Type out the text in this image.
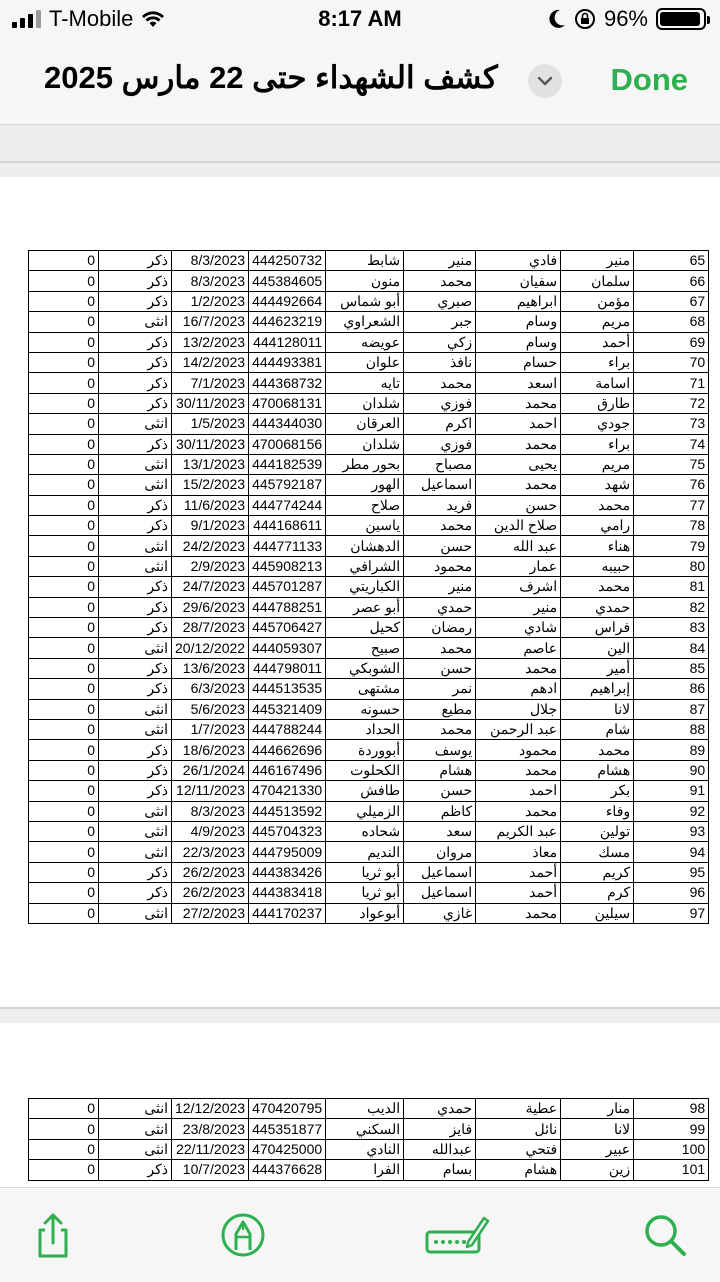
T-Mobile	8:17 AM	96%
كشف الشهداء حتى 22 مارس 2025	Done
0	ذكر	8/3/2023	444250732	شابط	منير	فادي	منير	65
0	ذكر	8/3/2023	445384605	منون	محمد	سفيان	سلمان	66
0	ذكر	1/2/2023	444492664	أبو شماس	صبري	ابراهيم	مؤمن	67
0	انثى	16/7/2023	444623219	الشعراوي	جبر	وسام	مريم	68
0	ذكر	13/2/2023	444128011	عويضه	زكي	وسام	أحمد	69
0	ذكر	14/2/2023	444493381	علوان	نافذ	حسام	براء	70
0	ذكر	7/1/2023	444368732	تايه	محمد	اسعد	اسامة	71
0	ذكر	30/11/2023	470068131	شلدان	فوزي	محمد	طارق	72
0	انثى	1/5/2023	444344030	العرقان	اكرم	احمد	جودي	73
0	ذكر	30/11/2023	470068156	شلدان	فوزي	محمد	براء	74
0	انثى	13/1/2023	444182539	بحور مطر	مصباح	يحيى	مريم	75
0	انثى	15/2/2023	445792187	الهور	اسماعيل	محمد	شهد	76
0	ذكر	11/6/2023	444774244	صلاح	فريد	حسن	محمد	77
0	ذكر	9/1/2023	444168611	ياسين	محمد	صلاح الدين	رامي	78
0	انثى	24/2/2023	444771133	الدهشان	حسن	عبد الله	هناء	79
0	انثى	2/9/2023	445908213	الشرافي	محمود	عمار	حبيبه	80
0	ذكر	24/7/2023	445701287	الكباريتي	منير	اشرف	محمد	81
0	ذكر	29/6/2023	444788251	أبو عصر	حمدي	منير	حمدي	82
0	ذكر	28/7/2023	445706427	كحيل	رمضان	شادي	فراس	83
0	انثى	20/12/2022	444059307	صبيح	محمد	عاصم	الين	84
0	ذكر	13/6/2023	444798011	الشوبكي	حسن	محمد	أمير	85
0	ذكر	6/3/2023	444513535	مشتهى	نمر	ادهم	إبراهيم	86
0	انثى	5/6/2023	445321409	حسونه	مطيع	جلال	لانا	87
0	انثى	1/7/2023	444788244	الحداد	محمد	عبد الرحمن	شام	88
0	ذكر	18/6/2023	444662696	أبووردة	يوسف	محمود	محمد	89
0	ذكر	26/1/2024	446167496	الكحلوت	هشام	محمد	هشام	90
0	ذكر	12/11/2023	470421330	طافش	حسن	احمد	بكر	91
0	انثى	8/3/2023	444513592	الزميلي	كاظم	محمد	وفاء	92
0	انثى	4/9/2023	445704323	شحاده	سعد	عبد الكريم	تولين	93
0	انثى	22/3/2023	444795009	النديم	مروان	معاذ	مسك	94
0	ذكر	26/2/2023	444383426	أبو ثريا	اسماعيل	أحمد	كريم	95
0	ذكر	26/2/2023	444383418	أبو ثريا	اسماعيل	أحمد	كرم	96
0	انثى	27/2/2023	444170237	أبوعواد	غازي	محمد	سيلين	97
0	انثى	12/12/2023	470420795	الديب	حمدي	عطية	منار	98
0	انثى	23/8/2023	445351877	السكني	فايز	نائل	لانا	99
0	انثى	22/11/2023	470425000	النادي	عبدالله	فتحي	عبير	100
0	ذكر	10/7/2023	444376628	الفرا	بسام	هشام	زين	101
